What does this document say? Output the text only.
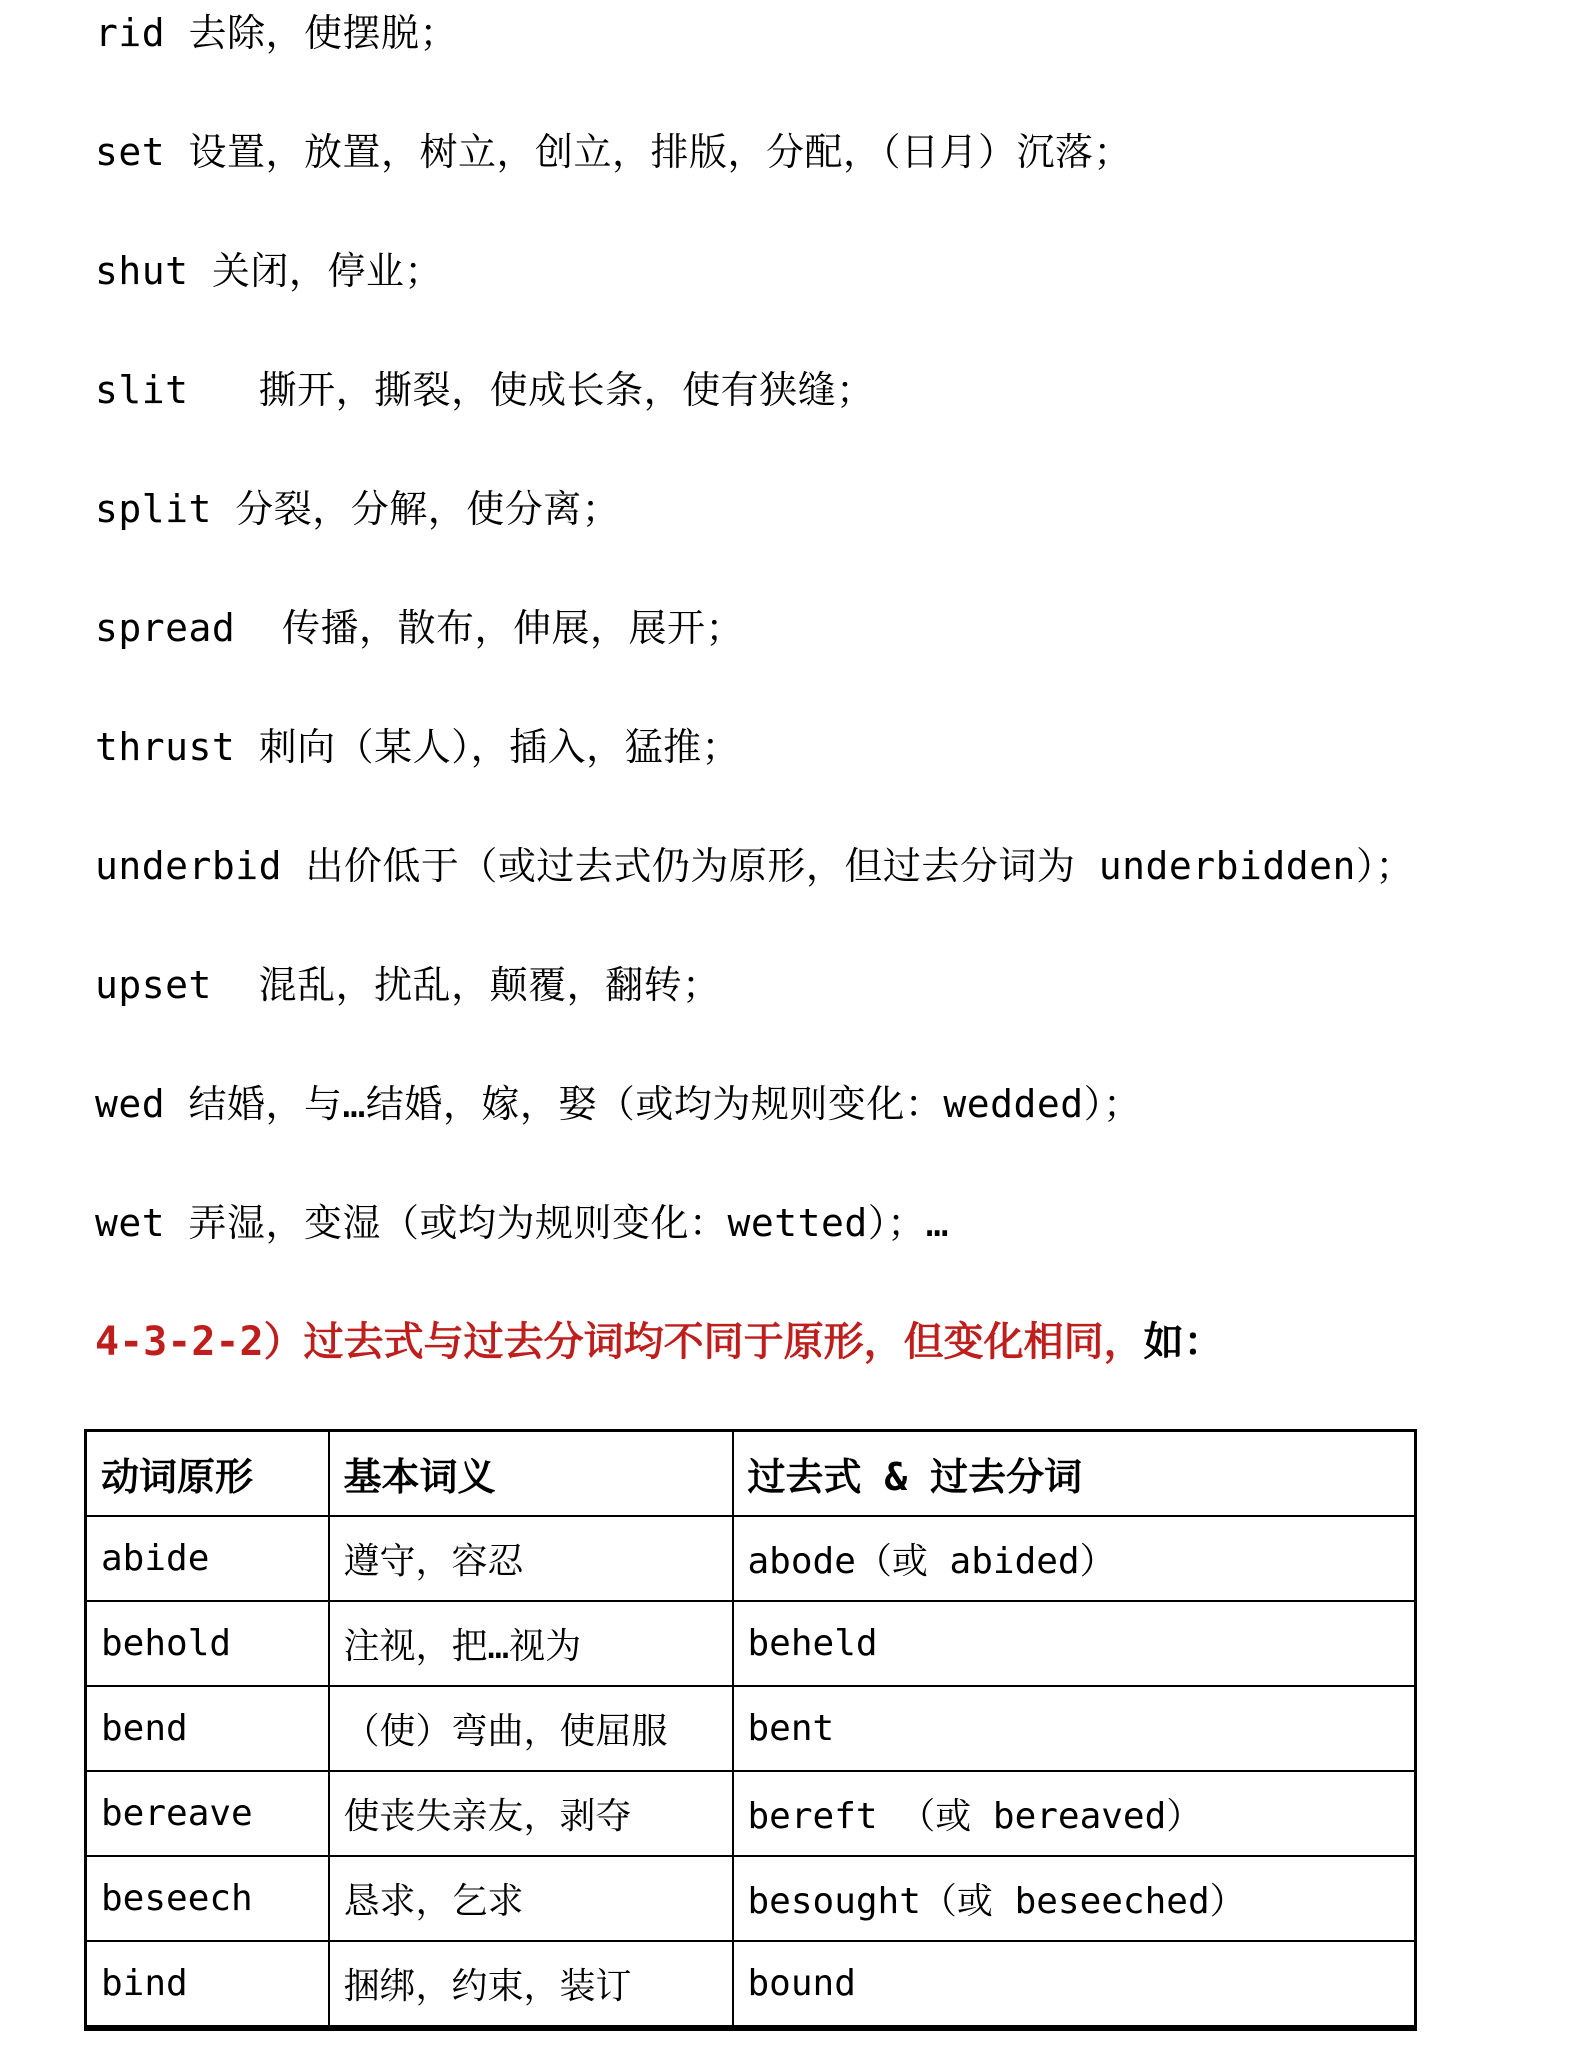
rid 去除，使摆脱；

set 设置，放置，树立，创立，排版，分配，（日月）沉落；

shut 关闭，停业；

slit   撕开，撕裂，使成长条，使有狭缝；

split 分裂，分解，使分离；

spread  传播，散布，伸展，展开；

thrust 刺向（某人），插入，猛推；

underbid 出价低于（或过去式仍为原形，但过去分词为 underbidden）；

upset  混乱，扰乱，颠覆，翻转；

wed 结婚，与…结婚，嫁，娶（或均为规则变化：wedded）；

wet 弄湿，变湿（或均为规则变化：wetted）；…

4-3-2-2）过去式与过去分词均不同于原形，但变化相同，如：

动词原形	基本词义	过去式 & 过去分词
abide	遵守，容忍	abode（或 abided）
behold	注视，把…视为	beheld
bend	（使）弯曲，使屈服	bent
bereave	使丧失亲友，剥夺	bereft （或 bereaved）
beseech	恳求，乞求	besought（或 beseeched）
bind	捆绑，约束，装订	bound
